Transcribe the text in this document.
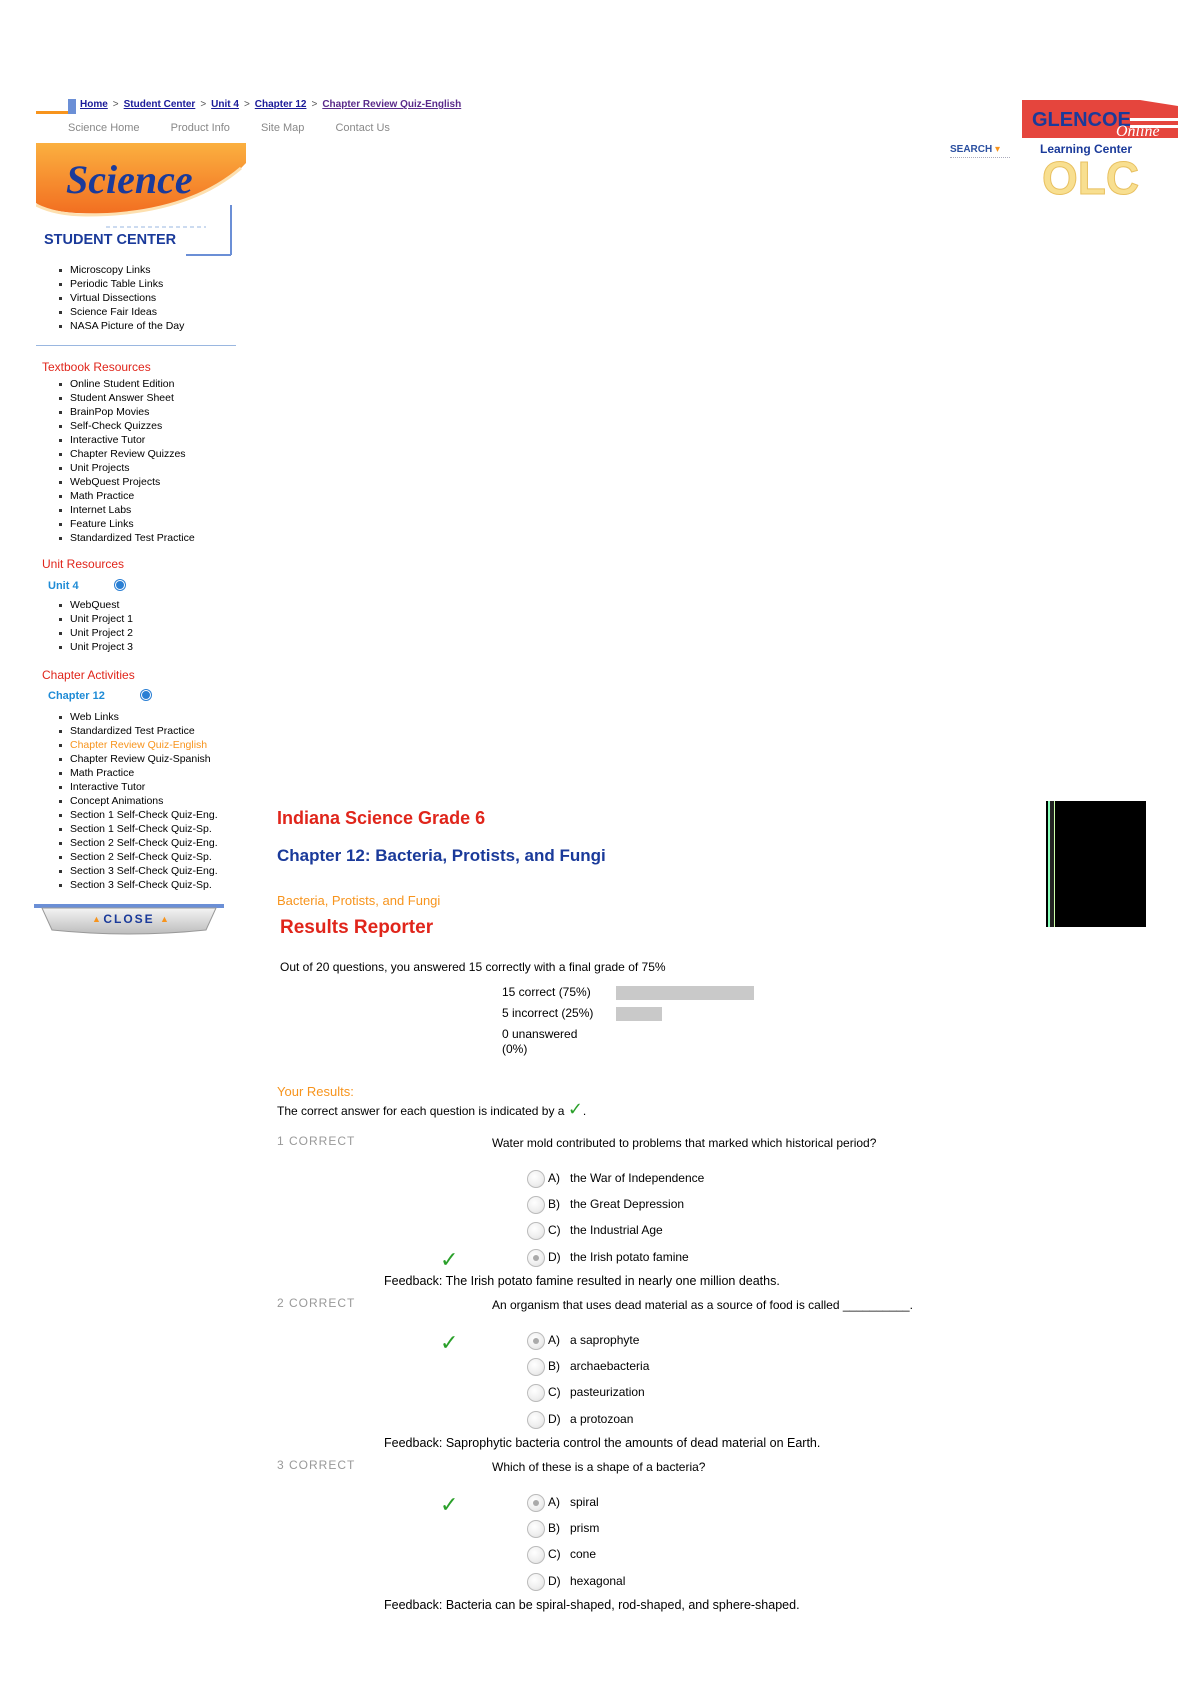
Home > Student Center > Unit 4 > Chapter 12 > Chapter Review Quiz-English
Science Home	Product Info	Site Map	Contact Us
Science
STUDENT CENTER
SEARCH ▾
GLENCOE
Online
Learning Center
OLC
Microscopy Links
Periodic Table Links
Virtual Dissections
Science Fair Ideas
NASA Picture of the Day
Textbook Resources
Online Student Edition
Student Answer Sheet
BrainPop Movies
Self-Check Quizzes
Interactive Tutor
Chapter Review Quizzes
Unit Projects
WebQuest Projects
Math Practice
Internet Labs
Feature Links
Standardized Test Practice
Unit Resources
Unit 4
WebQuest
Unit Project 1
Unit Project 2
Unit Project 3
Chapter Activities
Chapter 12
Web Links
Standardized Test Practice
Chapter Review Quiz-English
Chapter Review Quiz-Spanish
Math Practice
Interactive Tutor
Concept Animations
Section 1 Self-Check Quiz-Eng.
Section 1 Self-Check Quiz-Sp.
Section 2 Self-Check Quiz-Eng.
Section 2 Self-Check Quiz-Sp.
Section 3 Self-Check Quiz-Eng.
Section 3 Self-Check Quiz-Sp.
CLOSE
▲	▲
Indiana Science Grade 6
Chapter 12: Bacteria, Protists, and Fungi
Bacteria, Protists, and Fungi
Results Reporter
Out of 20 questions, you answered 15 correctly with a final grade of 75%
15 correct (75%)
5 incorrect (25%)
0 unanswered
(0%)
Your Results:
The correct answer for each question is indicated by a ✓.
1 CORRECT	Water mold contributed to problems that marked which historical period?
A) the War of Independence
B) the Great Depression
C) the Industrial Age
✓	D) the Irish potato famine
Feedback: The Irish potato famine resulted in nearly one million deaths.
2 CORRECT	An organism that uses dead material as a source of food is called __________.
✓	A) a saprophyte
B) archaebacteria
C) pasteurization
D) a protozoan
Feedback: Saprophytic bacteria control the amounts of dead material on Earth.
3 CORRECT	Which of these is a shape of a bacteria?
✓	A) spiral
B) prism
C) cone
D) hexagonal
Feedback: Bacteria can be spiral-shaped, rod-shaped, and sphere-shaped.
